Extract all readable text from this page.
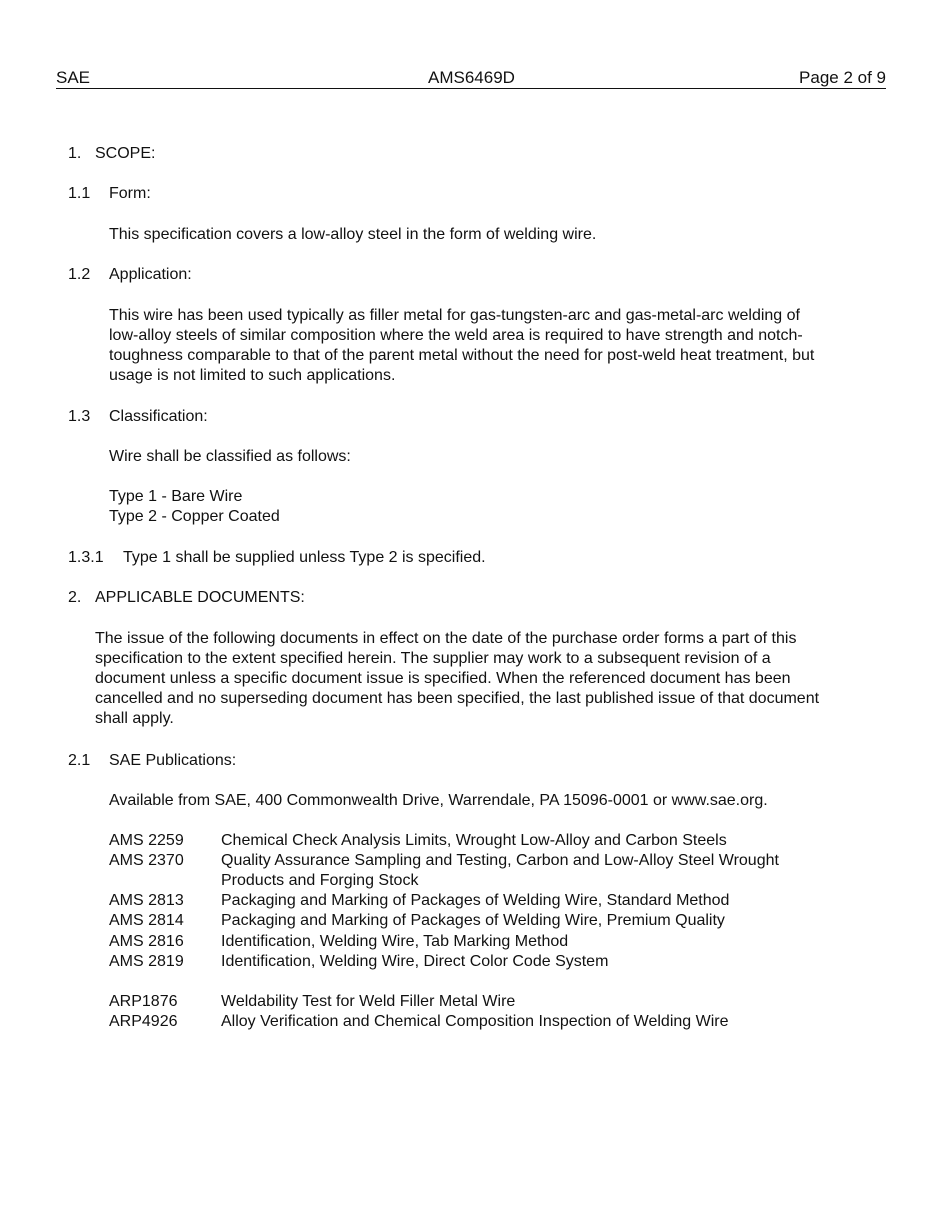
SAE	AMS6469D	Page 2 of 9
1. SCOPE:
1.1 Form:
This specification covers a low-alloy steel in the form of welding wire.
1.2 Application:
This wire has been used typically as filler metal for gas-tungsten-arc and gas-metal-arc welding of
low-alloy steels of similar composition where the weld area is required to have strength and notch-
toughness comparable to that of the parent metal without the need for post-weld heat treatment, but
usage is not limited to such applications.
1.3 Classification:
Wire shall be classified as follows:
Type 1 - Bare Wire
Type 2 - Copper Coated
1.3.1 Type 1 shall be supplied unless Type 2 is specified.
2. APPLICABLE DOCUMENTS:
The issue of the following documents in effect on the date of the purchase order forms a part of this
specification to the extent specified herein. The supplier may work to a subsequent revision of a
document unless a specific document issue is specified. When the referenced document has been
cancelled and no superseding document has been specified, the last published issue of that document
shall apply.
2.1 SAE Publications:
Available from SAE, 400 Commonwealth Drive, Warrendale, PA 15096-0001 or www.sae.org.
AMS 2259 Chemical Check Analysis Limits, Wrought Low-Alloy and Carbon Steels
AMS 2370 Quality Assurance Sampling and Testing, Carbon and Low-Alloy Steel Wrought
Products and Forging Stock
AMS 2813 Packaging and Marking of Packages of Welding Wire, Standard Method
AMS 2814 Packaging and Marking of Packages of Welding Wire, Premium Quality
AMS 2816 Identification, Welding Wire, Tab Marking Method
AMS 2819 Identification, Welding Wire, Direct Color Code System
ARP1876	Weldability Test for Weld Filler Metal Wire
ARP4926	Alloy Verification and Chemical Composition Inspection of Welding Wire
